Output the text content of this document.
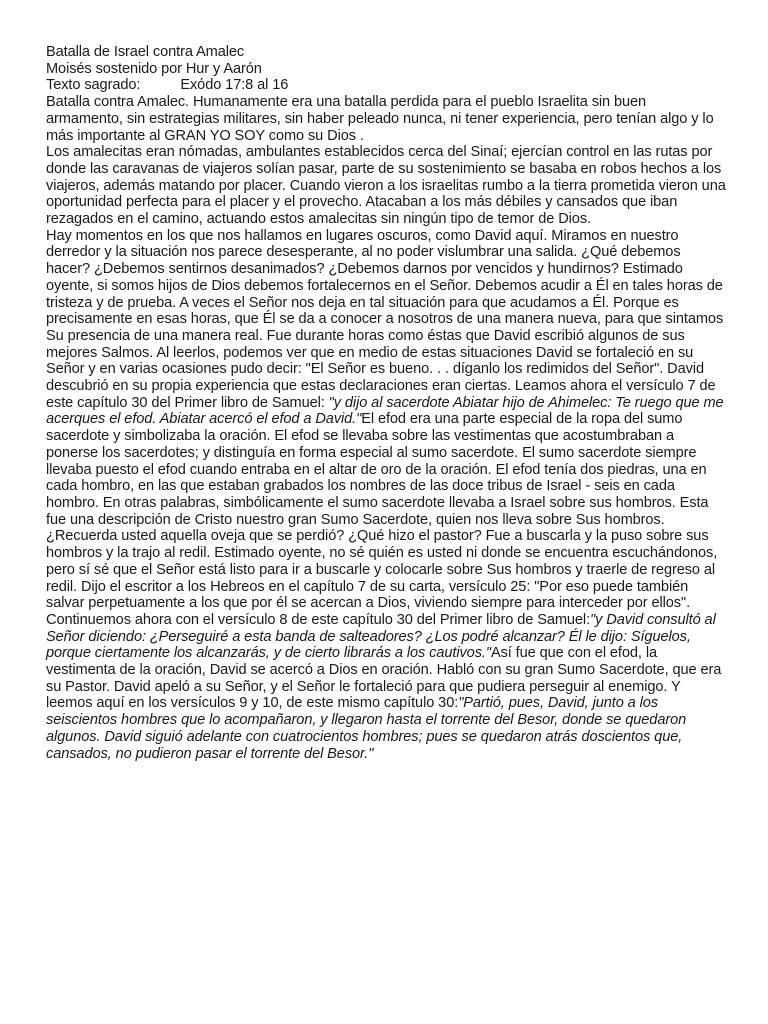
Batalla de Israel contra Amalec
Moisés sostenido por Hur y Aarón
Texto sagrado:	Exódo 17:8 al 16

Batalla contra Amalec. Humanamente era una batalla perdida para el pueblo Israelita sin buen armamento, sin estrategias militares, sin haber peleado nunca, ni tener experiencia, pero tenían algo y lo más importante al GRAN YO SOY como su Dios .

Los amalecitas eran nómadas, ambulantes establecidos cerca del Sinaí; ejercían control en las rutas por donde las caravanas de viajeros solían pasar, parte de su sostenimiento se basaba en robos hechos a los viajeros, además matando por placer. Cuando vieron a los israelitas rumbo a la tierra prometida vieron una oportunidad perfecta para el placer y el provecho. Atacaban a los más débiles y cansados que iban rezagados en el camino, actuando estos amalecitas sin ningún tipo de temor de Dios.

Hay momentos en los que nos hallamos en lugares oscuros, como David aquí. Miramos en nuestro derredor y la situación nos parece desesperante, al no poder vislumbrar una salida. ¿Qué debemos hacer? ¿Debemos sentirnos desanimados? ¿Debemos darnos por vencidos y hundirnos? Estimado oyente, si somos hijos de Dios debemos fortalecernos en el Señor. Debemos acudir a Él en tales horas de tristeza y de prueba. A veces el Señor nos deja en tal situación para que acudamos a Él. Porque es precisamente en esas horas, que Él se da a conocer a nosotros de una manera nueva, para que sintamos Su presencia de una manera real. Fue durante horas como éstas que David escribió algunos de sus mejores Salmos. Al leerlos, podemos ver que en medio de estas situaciones David se fortaleció en su Señor y en varias ocasiones pudo decir: "El Señor es bueno. . . díganlo los redimidos del Señor". David descubrió en su propia experiencia que estas declaraciones eran ciertas. Leamos ahora el versículo 7 de este capítulo 30 del Primer libro de Samuel: "y dijo al sacerdote Abiatar hijo de Ahimelec: Te ruego que me acerques el efod. Abiatar acercó el efod a David."El efod era una parte especial de la ropa del sumo sacerdote y simbolizaba la oración. El efod se llevaba sobre las vestimentas que acostumbraban a ponerse los sacerdotes; y distinguía en forma especial al sumo sacerdote. El sumo sacerdote siempre llevaba puesto el efod cuando entraba en el altar de oro de la oración. El efod tenía dos piedras, una en cada hombro, en las que estaban grabados los nombres de las doce tribus de Israel - seis en cada hombro. En otras palabras, simbólicamente el sumo sacerdote llevaba a Israel sobre sus hombros. Esta fue una descripción de Cristo nuestro gran Sumo Sacerdote, quien nos lleva sobre Sus hombros. ¿Recuerda usted aquella oveja que se perdió? ¿Qué hizo el pastor? Fue a buscarla y la puso sobre sus hombros y la trajo al redil. Estimado oyente, no sé quién es usted ni donde se encuentra escuchándonos, pero sí sé que el Señor está listo para ir a buscarle y colocarle sobre Sus hombros y traerle de regreso al redil. Dijo el escritor a los Hebreos en el capítulo 7 de su carta, versículo 25: "Por eso puede también salvar perpetuamente a los que por él se acercan a Dios, viviendo siempre para interceder por ellos". Continuemos ahora con el versículo 8 de este capítulo 30 del Primer libro de Samuel:"y David consultó al Señor diciendo: ¿Perseguiré a esta banda de salteadores? ¿Los podré alcanzar? Él le dijo: Síguelos, porque ciertamente los alcanzarás, y de cierto librarás a los cautivos."Así fue que con el efod, la vestimenta de la oración, David se acercó a Dios en oración. Habló con su gran Sumo Sacerdote, que era su Pastor. David apeló a su Señor, y el Señor le fortaleció para que pudiera perseguir al enemigo. Y leemos aquí en los versículos 9 y 10, de este mismo capítulo 30:"Partió, pues, David, junto a los seiscientos hombres que lo acompañaron, y llegaron hasta el torrente del Besor, donde se quedaron algunos. David siguió adelante con cuatrocientos hombres; pues se quedaron atrás doscientos que, cansados, no pudieron pasar el torrente del Besor."
